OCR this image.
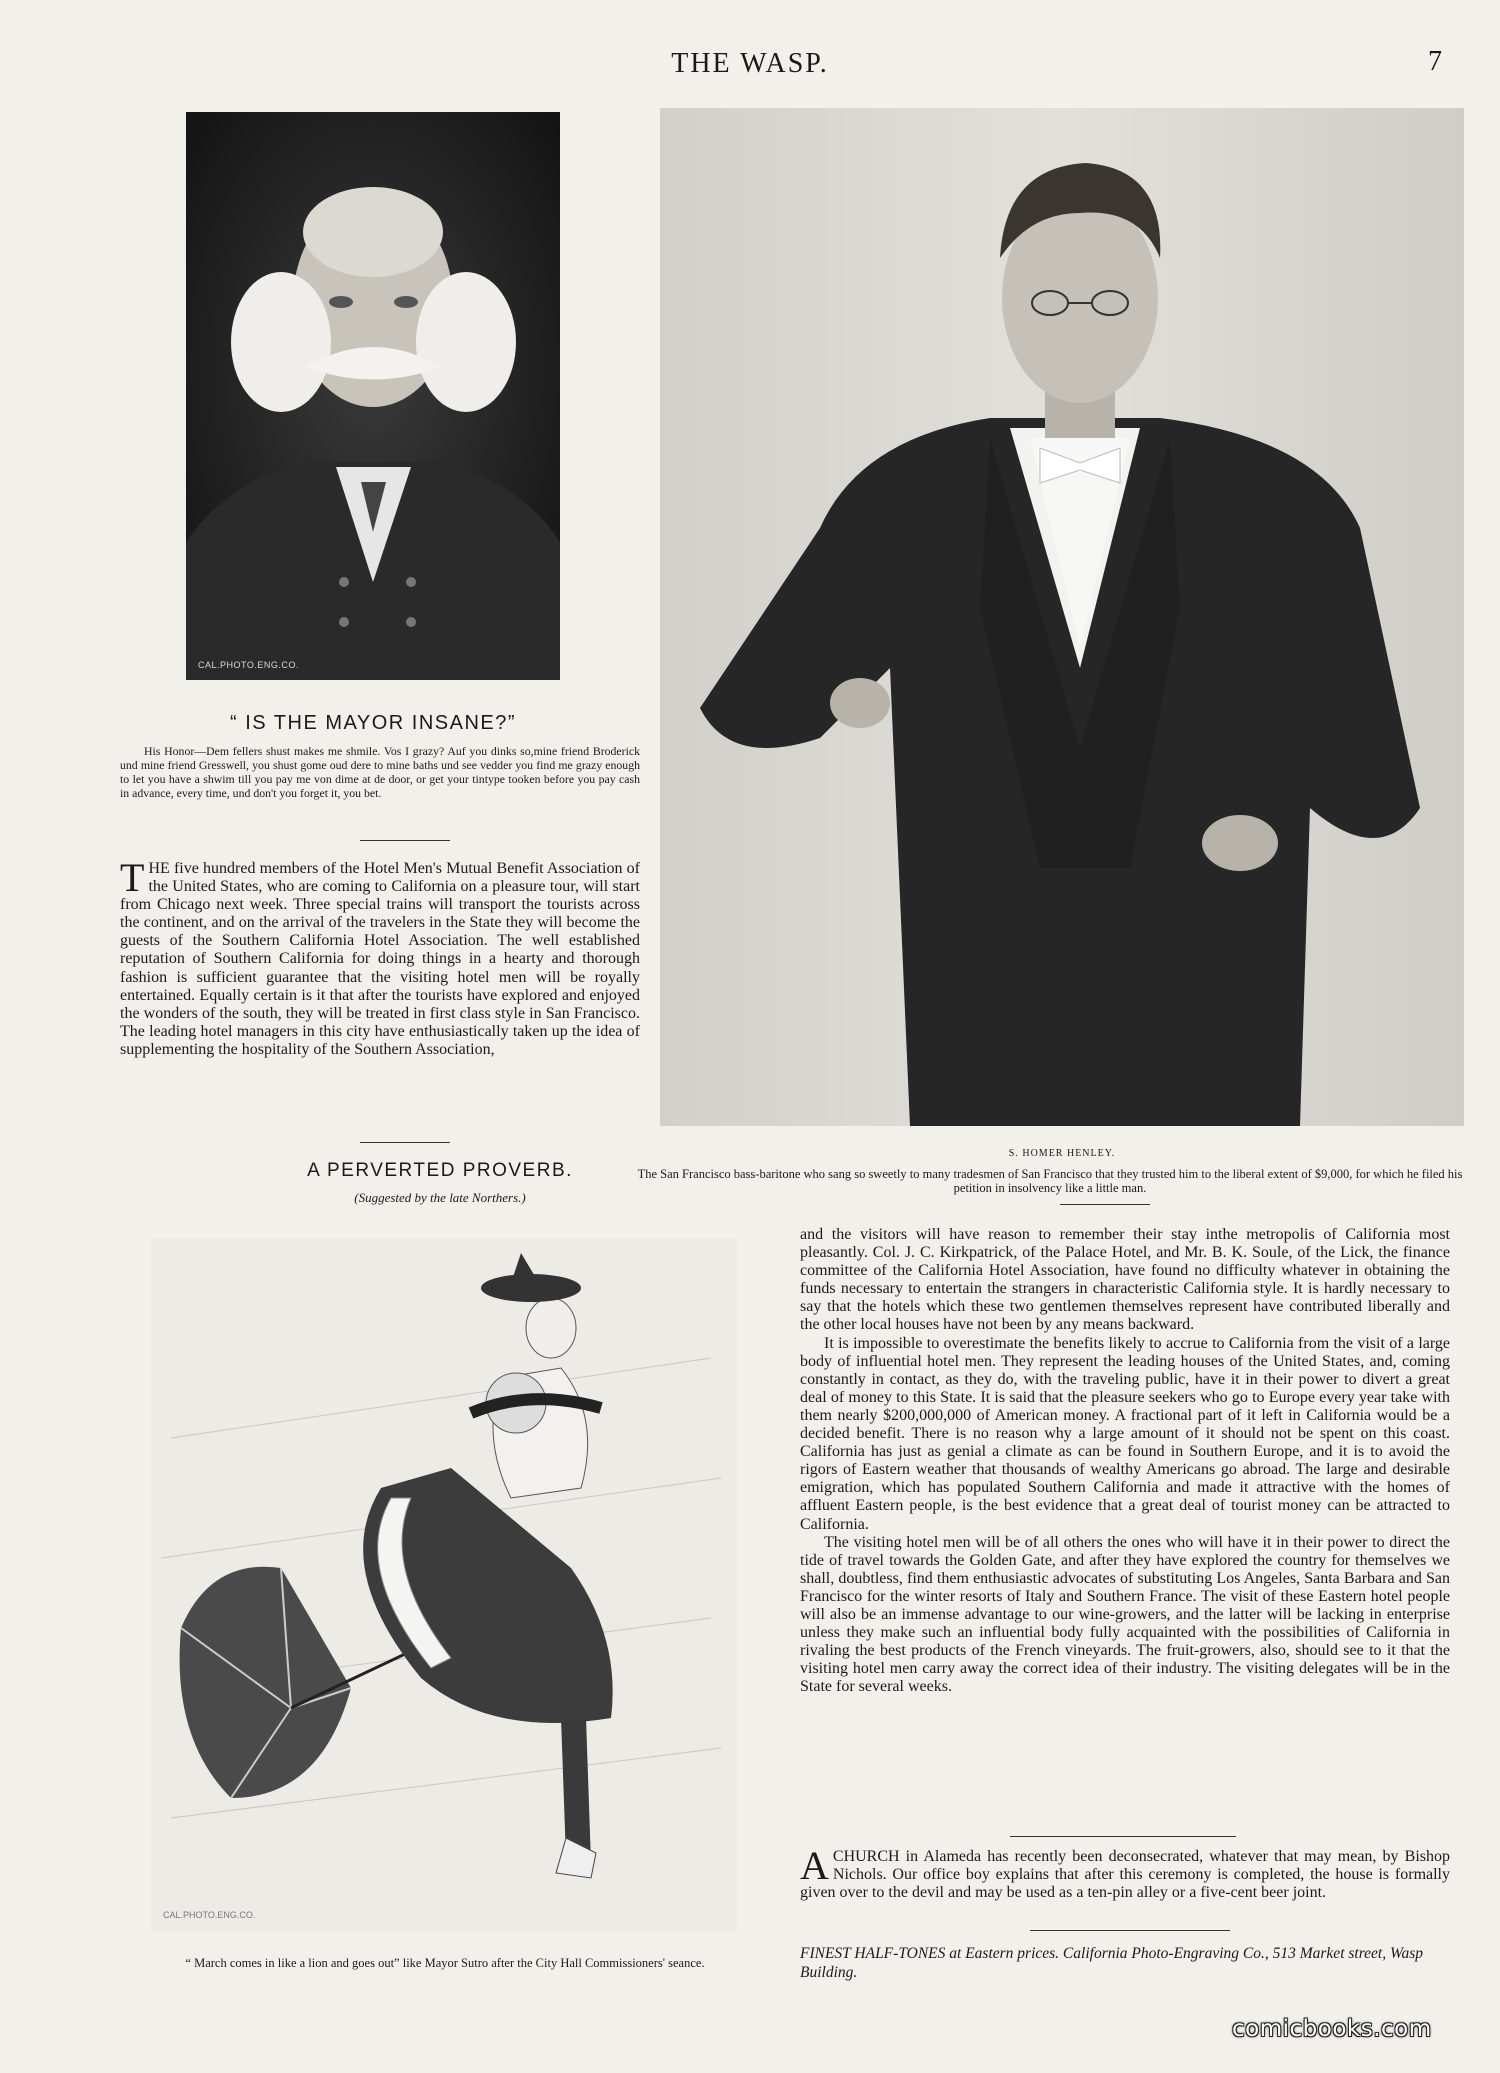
THE WASP.	7
CAL.PHOTO.ENG.CO.
“ IS THE MAYOR INSANE?”
His Honor—Dem fellers shust makes me shmile. Vos I grazy? Auf you dinks so,mine friend Broderick und mine friend Gresswell, you shust gome oud dere to mine baths und see vedder you find me grazy enough to let you have a shwim till you pay me von dime at de door, or get your tintype tooken before you pay cash in advance, every time, und don't you forget it, you bet.
THE five hundred members of the Hotel Men's Mutual Benefit Association of the United States, who are coming to California on a pleasure tour, will start from Chicago next week. Three special trains will transport the tourists across the continent, and on the arrival of the travelers in the State they will become the guests of the Southern California Hotel Association. The well established reputation of Southern California for doing things in a hearty and thorough fashion is sufficient guarantee that the visiting hotel men will be royally entertained. Equally certain is it that after the tourists have explored and enjoyed the wonders of the south, they will be treated in first class style in San Francisco. The leading hotel managers in this city have enthusiastically taken up the idea of supplementing the hospitality of the Southern Association,
A PERVERTED PROVERB.
(Suggested by the late Northers.)
S. HOMER HENLEY.
The San Francisco bass-baritone who sang so sweetly to many tradesmen of San Francisco that they trusted him to the liberal extent of $9,000, for which he filed his petition in insolvency like a little man.
CAL.PHOTO.ENG.CO.
“ March comes in like a lion and goes out” like Mayor Sutro after the City Hall Commissioners' seance.

and the visitors will have reason to remember their stay inthe metropolis of California most pleasantly. Col. J. C. Kirkpatrick, of the Palace Hotel, and Mr. B. K. Soule, of the Lick, the finance committee of the California Hotel Association, have found no difficulty whatever in obtaining the funds necessary to entertain the strangers in characteristic California style. It is hardly necessary to say that the hotels which these two gentlemen themselves represent have contributed liberally and the other local houses have not been by any means backward.

It is impossible to overestimate the benefits likely to accrue to California from the visit of a large body of influential hotel men. They represent the leading houses of the United States, and, coming constantly in contact, as they do, with the traveling public, have it in their power to divert a great deal of money to this State. It is said that the pleasure seekers who go to Europe every year take with them nearly $200,000,000 of American money. A fractional part of it left in California would be a decided benefit. There is no reason why a large amount of it should not be spent on this coast. California has just as genial a climate as can be found in Southern Europe, and it is to avoid the rigors of Eastern weather that thousands of wealthy Americans go abroad. The large and desirable emigration, which has populated Southern California and made it attractive with the homes of affluent Eastern people, is the best evidence that a great deal of tourist money can be attracted to California.

The visiting hotel men will be of all others the ones who will have it in their power to direct the tide of travel towards the Golden Gate, and after they have explored the country for themselves we shall, doubtless, find them enthusiastic advocates of substituting Los Angeles, Santa Barbara and San Francisco for the winter resorts of Italy and Southern France. The visit of these Eastern hotel people will also be an immense advantage to our wine-growers, and the latter will be lacking in enterprise unless they make such an influential body fully acquainted with the possibilities of California in rivaling the best products of the French vineyards. The fruit-growers, also, should see to it that the visiting hotel men carry away the correct idea of their industry. The visiting delegates will be in the State for several weeks.

ACHURCH in Alameda has recently been deconsecrated, whatever that may mean, by Bishop Nichols. Our office boy explains that after this ceremony is completed, the house is formally given over to the devil and may be used as a ten-pin alley or a five-cent beer joint.
FINEST HALF-TONES at Eastern prices. California Photo-Engraving Co., 513 Market street, Wasp Building.
comicbooks.com
